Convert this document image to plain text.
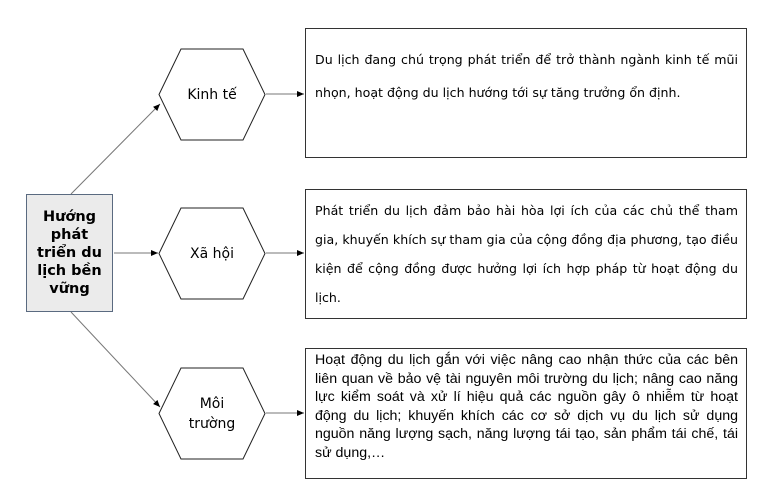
Hướng phát triển du lịch bền vững
Kinh tế
Xã hội
Môi trường
Du lịch đang chú trọng phát triển để trở thành ngành kinh tế mũi nhọn, hoạt động du lịch hướng tới sự tăng trưởng ổn định.
Phát triển du lịch đảm bảo hài hòa lợi ích của các chủ thể tham gia, khuyến khích sự tham gia của cộng đồng địa phương, tạo điều kiện để cộng đồng được hưởng lợi ích hợp pháp từ hoạt động du lịch.
Hoạt động du lịch gắn với việc nâng cao nhận thức của các bên liên quan về bảo vệ tài nguyên môi trường du lịch; nâng cao năng lực kiểm soát và xử lí hiệu quả các nguồn gây ô nhiễm từ hoạt động du lịch; khuyến khích các cơ sở dịch vụ du lịch sử dụng nguồn năng lượng sạch, năng lượng tái tạo, sản phẩm tái chế, tái sử dụng,…
